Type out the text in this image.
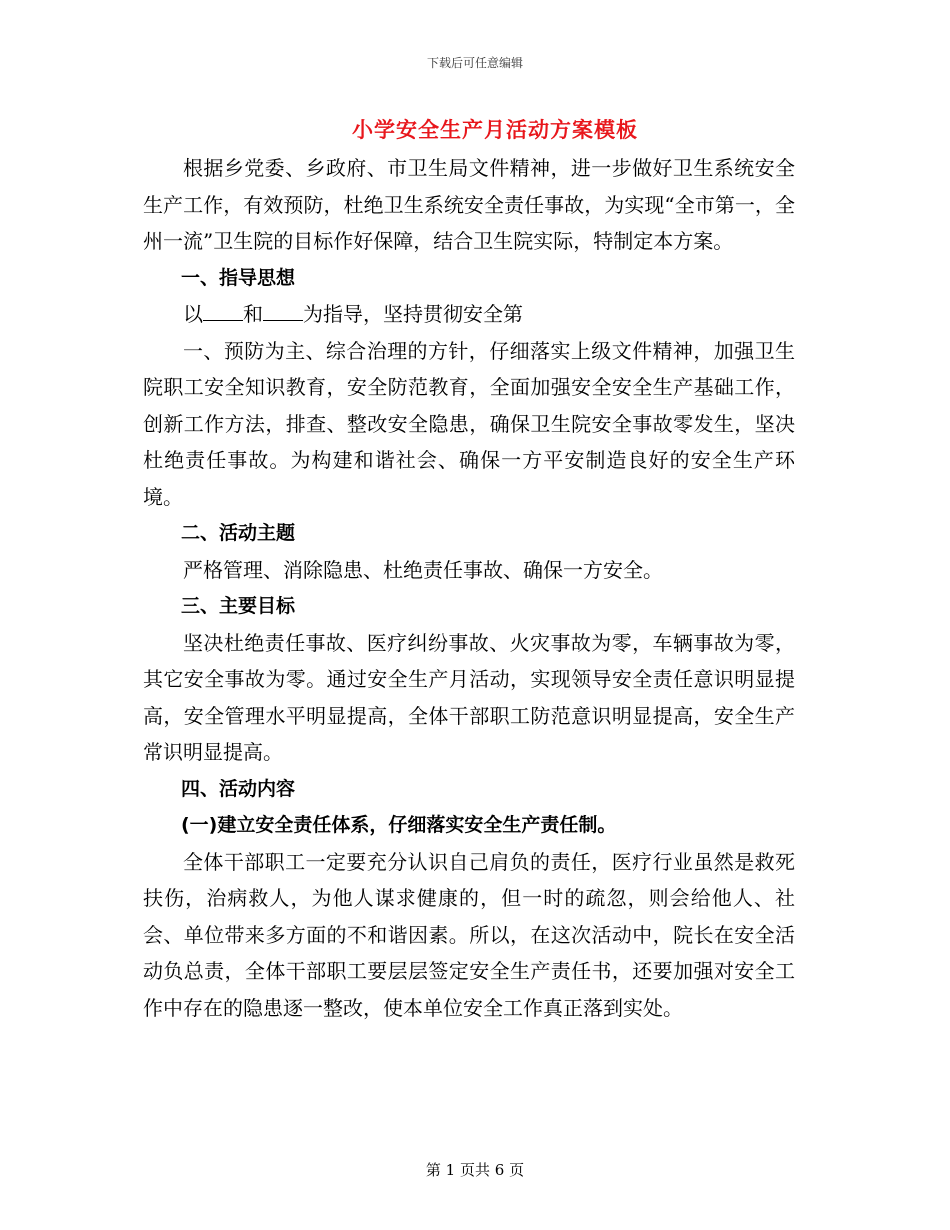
下载后可任意编辑
小学安全生产月活动方案模板

根据乡党委、乡政府、市卫生局文件精神，进一步做好卫生系统安全生产工作，有效预防，杜绝卫生系统安全责任事故，为实现“全市第一，全州一流”卫生院的目标作好保障，结合卫生院实际，特制定本方案。

一、指导思想

以 和 为指导，坚持贯彻安全第

一、预防为主、综合治理的方针，仔细落实上级文件精神，加强卫生院职工安全知识教育，安全防范教育，全面加强安全安全生产基础工作，创新工作方法，排查、整改安全隐患，确保卫生院安全事故零发生，坚决杜绝责任事故。为构建和谐社会、确保一方平安制造良好的安全生产环境。

二、活动主题

严格管理、消除隐患、杜绝责任事故、确保一方安全。

三、主要目标

坚决杜绝责任事故、医疗纠纷事故、火灾事故为零，车辆事故为零，其它安全事故为零。通过安全生产月活动，实现领导安全责任意识明显提高，安全管理水平明显提高，全体干部职工防范意识明显提高，安全生产常识明显提高。

四、活动内容

(一)建立安全责任体系，仔细落实安全生产责任制。

全体干部职工一定要充分认识自己肩负的责任，医疗行业虽然是救死扶伤，治病救人，为他人谋求健康的，但一时的疏忽，则会给他人、社会、单位带来多方面的不和谐因素。所以，在这次活动中，院长在安全活动负总责，全体干部职工要层层签定安全生产责任书，还要加强对安全工作中存在的隐患逐一整改，使本单位安全工作真正落到实处。

第 1 页共 6 页
